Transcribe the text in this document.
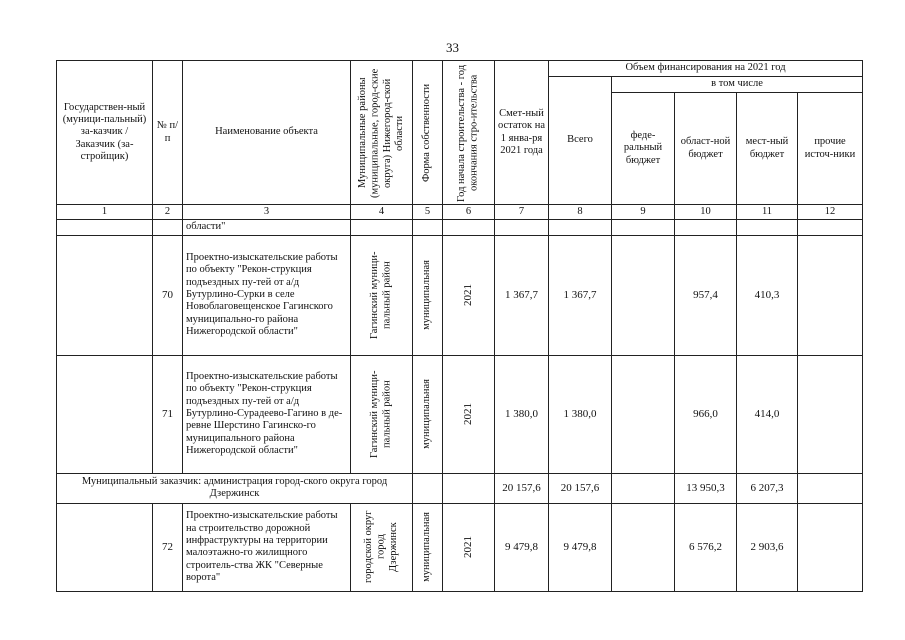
33
Государствен-ный (муници-пальный) за-казчик / Заказчик (за-стройщик)	№ п/п	Наименование объекта	Муниципальные районы (муниципальные, город-ские округа) Нижегород-ской области	Форма собственности	Год начала строительства - год окончания стро-ительства	Смет-ный остаток на 1 янва-ря 2021 года	Объем финансирования на 2021 год				
							Всего	в том числе			
								феде-ральный бюджет	област-ной бюджет	мест-ный бюджет	прочие источ-ники
1	2	3	4	5	6	7	8	9	10	11	12
		области"									
	70	Проектно-изыскательские работы по объекту "Рекон-струкция подъездных пу-тей от а/д Бутурлино-Сурки в селе Новоблаговещенское Гагинского муниципально-го района Нижегородской области"	Гагинский муници-пальный район	муниципальная	2021	1 367,7	1 367,7		957,4	410,3	
	71	Проектно-изыскательские работы по объекту "Рекон-струкция подъездных пу-тей от а/д Бутурлино-Сурадеево-Гагино в де-ревне Шерстино Гагинско-го муниципального района Нижегородской области"	Гагинский муници-пальный район	муниципальная	2021	1 380,0	1 380,0		966,0	414,0	
Муниципальный заказчик: администрация город-ского округа город Дзержинск						20 157,6	20 157,6		13 950,3	6 207,3	
	72	Проектно-изыскательские работы на строительство дорожной инфраструктуры на территории малоэтажно-го жилищного строитель-ства ЖК "Северные ворота"	городской округ город Дзержинск	муниципальная	2021	9 479,8	9 479,8		6 576,2	2 903,6	
